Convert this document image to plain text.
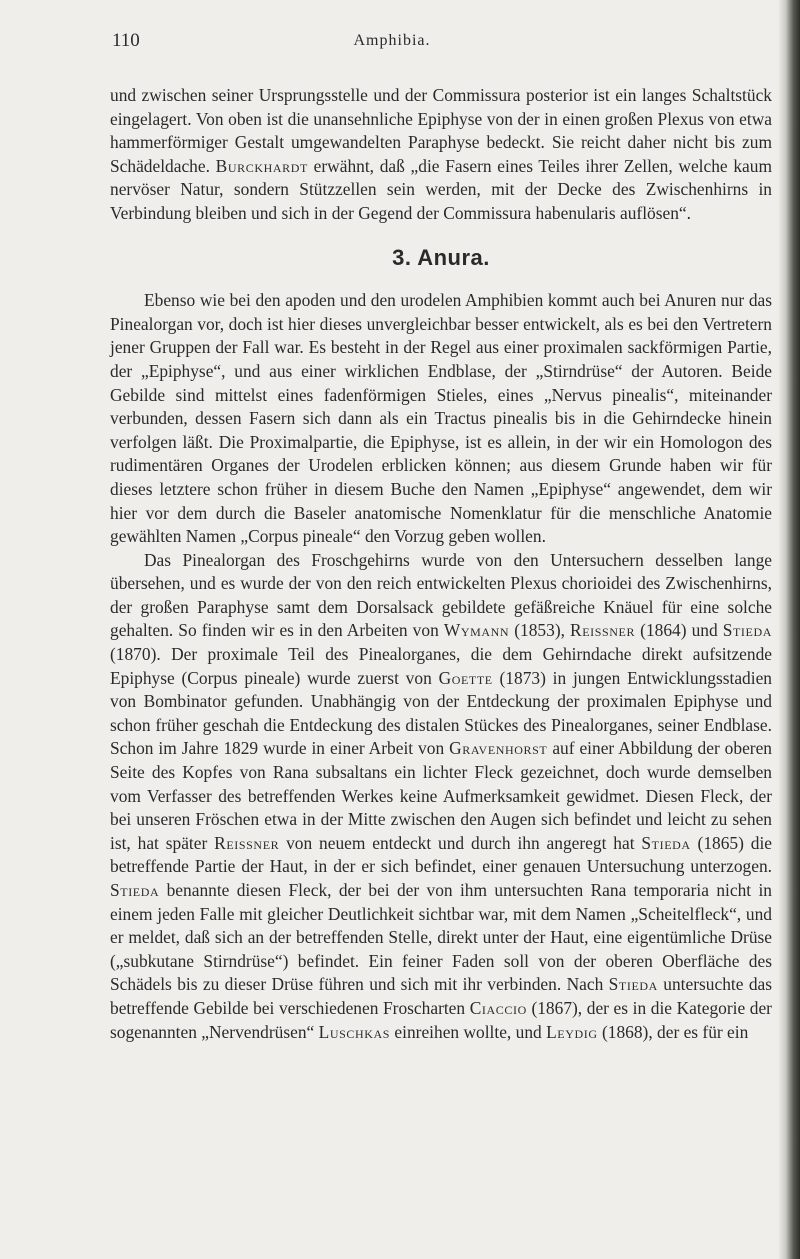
110	Amphibia.

und zwischen seiner Ursprungsstelle und der Commissura posterior ist ein langes Schaltstück eingelagert. Von oben ist die unansehnliche Epiphyse von der in einen großen Plexus von etwa hammerförmiger Gestalt umgewandelten Paraphyse bedeckt. Sie reicht daher nicht bis zum Schädeldache. Burckhardt erwähnt, daß „die Fasern eines Teiles ihrer Zellen, welche kaum nervöser Natur, sondern Stützzellen sein werden, mit der Decke des Zwischenhirns in Verbindung bleiben und sich in der Gegend der Commissura habenularis auflösen“.

3. Anura.

Ebenso wie bei den apoden und den urodelen Amphibien kommt auch bei Anuren nur das Pinealorgan vor, doch ist hier dieses unvergleichbar besser entwickelt, als es bei den Vertretern jener Gruppen der Fall war. Es besteht in der Regel aus einer proximalen sackförmigen Partie, der „Epiphyse“, und aus einer wirklichen Endblase, der „Stirndrüse“ der Autoren. Beide Gebilde sind mittelst eines fadenförmigen Stieles, eines „Nervus pinealis“, miteinander verbunden, dessen Fasern sich dann als ein Tractus pinealis bis in die Gehirndecke hinein verfolgen läßt. Die Proximalpartie, die Epiphyse, ist es allein, in der wir ein Homologon des rudimentären Organes der Urodelen erblicken können; aus diesem Grunde haben wir für dieses letztere schon früher in diesem Buche den Namen „Epiphyse“ angewendet, dem wir hier vor dem durch die Baseler anatomische Nomenklatur für die menschliche Anatomie gewählten Namen „Corpus pineale“ den Vorzug geben wollen.

Das Pinealorgan des Froschgehirns wurde von den Untersuchern desselben lange übersehen, und es wurde der von den reich entwickelten Plexus chorioidei des Zwischenhirns, der großen Paraphyse samt dem Dorsalsack gebildete gefäßreiche Knäuel für eine solche gehalten. So finden wir es in den Arbeiten von Wymann (1853), Reissner (1864) und Stieda (1870). Der proximale Teil des Pinealorganes, die dem Gehirndache direkt aufsitzende Epiphyse (Corpus pineale) wurde zuerst von Goette (1873) in jungen Entwicklungsstadien von Bombinator gefunden. Unabhängig von der Entdeckung der proximalen Epiphyse und schon früher geschah die Entdeckung des distalen Stückes des Pinealorganes, seiner Endblase. Schon im Jahre 1829 wurde in einer Arbeit von Gravenhorst auf einer Abbildung der oberen Seite des Kopfes von Rana subsaltans ein lichter Fleck gezeichnet, doch wurde demselben vom Verfasser des betreffenden Werkes keine Aufmerksamkeit gewidmet. Diesen Fleck, der bei unseren Fröschen etwa in der Mitte zwischen den Augen sich befindet und leicht zu sehen ist, hat später Reissner von neuem entdeckt und durch ihn angeregt hat Stieda (1865) die betreffende Partie der Haut, in der er sich befindet, einer genauen Untersuchung unterzogen. Stieda benannte diesen Fleck, der bei der von ihm untersuchten Rana temporaria nicht in einem jeden Falle mit gleicher Deutlichkeit sichtbar war, mit dem Namen „Scheitelfleck“, und er meldet, daß sich an der betreffenden Stelle, direkt unter der Haut, eine eigentümliche Drüse („subkutane Stirndrüse“) befindet. Ein feiner Faden soll von der oberen Oberfläche des Schädels bis zu dieser Drüse führen und sich mit ihr verbinden. Nach Stieda untersuchte das betreffende Gebilde bei verschiedenen Froscharten Ciaccio (1867), der es in die Kategorie der sogenannten „Nervendrüsen“ Luschkas einreihen wollte, und Leydig (1868), der es für ein
